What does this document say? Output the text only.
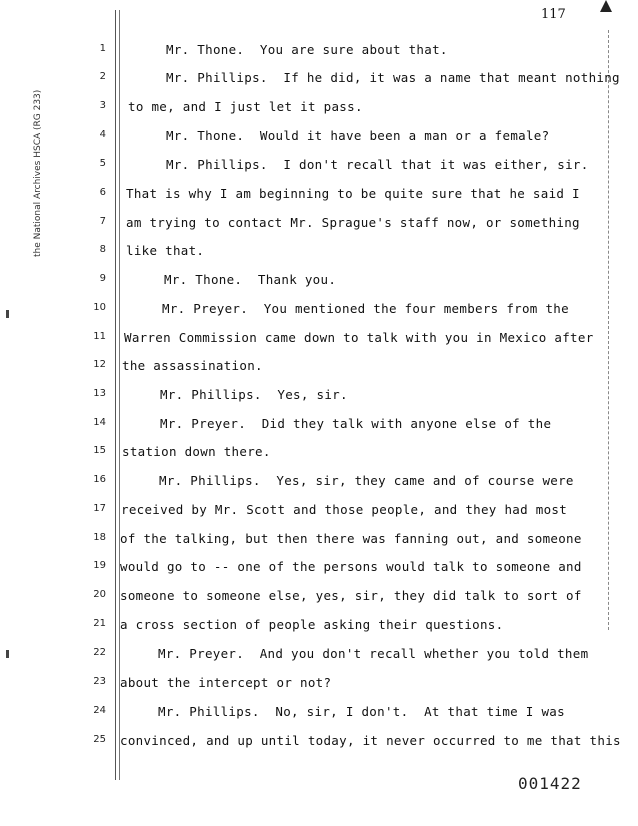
117
the National Archives HSCA (RG 233)
1	Mr. Thone.  You are sure about that.
2	Mr. Phillips.  If he did, it was a name that meant nothing
3 to me, and I just let it pass.
4	Mr. Thone.  Would it have been a man or a female?
5	Mr. Phillips.  I don't recall that it was either, sir.
6 That is why I am beginning to be quite sure that he said I
7 am trying to contact Mr. Sprague's staff now, or something
8 like that.
9	Mr. Thone.  Thank you.
10	Mr. Preyer.  You mentioned the four members from the
11 Warren Commission came down to talk with you in Mexico after
12 the assassination.
13	Mr. Phillips.  Yes, sir.
14	Mr. Preyer.  Did they talk with anyone else of the
15 station down there.
16	Mr. Phillips.  Yes, sir, they came and of course were
17 received by Mr. Scott and those people, and they had most
18 of the talking, but then there was fanning out, and someone
19 would go to -- one of the persons would talk to someone and
20 someone to someone else, yes, sir, they did talk to sort of
21 a cross section of people asking their questions.
22	Mr. Preyer.  And you don't recall whether you told them
23 about the intercept or not?
24	Mr. Phillips.  No, sir, I don't.  At that time I was
25 convinced, and up until today, it never occurred to me that this
001422
